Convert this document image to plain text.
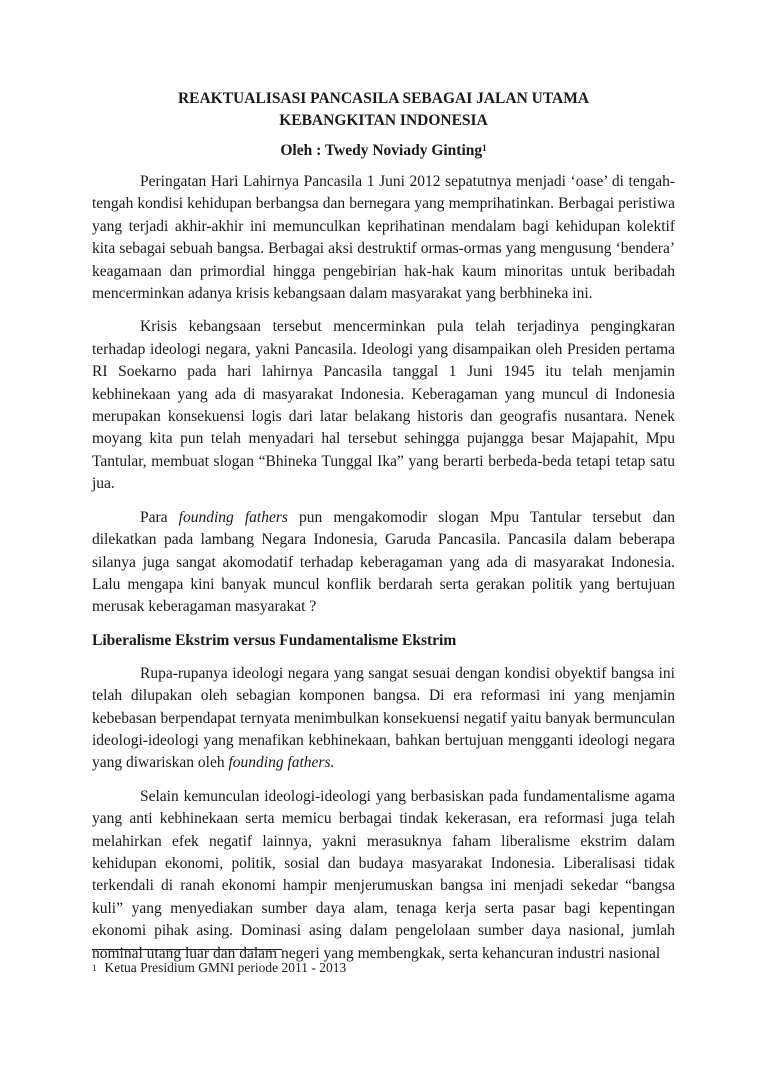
REAKTUALISASI PANCASILA SEBAGAI JALAN UTAMA
KEBANGKITAN INDONESIA
Oleh : Twedy Noviady Ginting$^1$

Peringatan Hari Lahirnya Pancasila 1 Juni 2012 sepatutnya menjadi ‘oase’ di tengah-tengah kondisi kehidupan berbangsa dan bernegara yang memprihatinkan. Berbagai peristiwa yang terjadi akhir-akhir ini memunculkan keprihatinan mendalam bagi kehidupan kolektif kita sebagai sebuah bangsa. Berbagai aksi destruktif ormas-ormas yang mengusung ‘bendera’ keagamaan dan primordial hingga pengebirian hak-hak kaum minoritas untuk beribadah mencerminkan adanya krisis kebangsaan dalam masyarakat yang berbhineka ini.

Krisis kebangsaan tersebut mencerminkan pula telah terjadinya pengingkaran terhadap ideologi negara, yakni Pancasila. Ideologi yang disampaikan oleh Presiden pertama RI Soekarno pada hari lahirnya Pancasila tanggal 1 Juni 1945 itu telah menjamin kebhinekaan yang ada di masyarakat Indonesia. Keberagaman yang muncul di Indonesia merupakan konsekuensi logis dari latar belakang historis dan geografis nusantara. Nenek moyang kita pun telah menyadari hal tersebut sehingga pujangga besar Majapahit, Mpu Tantular, membuat slogan “Bhineka Tunggal Ika” yang berarti berbeda-beda tetapi tetap satu jua.

Para founding fathers pun mengakomodir slogan Mpu Tantular tersebut dan dilekatkan pada lambang Negara Indonesia, Garuda Pancasila. Pancasila dalam beberapa silanya juga sangat akomodatif terhadap keberagaman yang ada di masyarakat Indonesia. Lalu mengapa kini banyak muncul konflik berdarah serta gerakan politik yang bertujuan merusak keberagaman masyarakat ?

Liberalisme Ekstrim versus Fundamentalisme Ekstrim

Rupa-rupanya ideologi negara yang sangat sesuai dengan kondisi obyektif bangsa ini telah dilupakan oleh sebagian komponen bangsa. Di era reformasi ini yang menjamin kebebasan berpendapat ternyata menimbulkan konsekuensi negatif yaitu banyak bermunculan ideologi-ideologi yang menafikan kebhinekaan, bahkan bertujuan mengganti ideologi negara yang diwariskan oleh founding fathers.

Selain kemunculan ideologi-ideologi yang berbasiskan pada fundamentalisme agama yang anti kebhinekaan serta memicu berbagai tindak kekerasan, era reformasi juga telah melahirkan efek negatif lainnya, yakni merasuknya faham liberalisme ekstrim dalam kehidupan ekonomi, politik, sosial dan budaya masyarakat Indonesia. Liberalisasi tidak terkendali di ranah ekonomi hampir menjerumuskan bangsa ini menjadi sekedar “bangsa kuli” yang menyediakan sumber daya alam, tenaga kerja serta pasar bagi kepentingan ekonomi pihak asing. Dominasi asing dalam pengelolaan sumber daya nasional, jumlah nominal utang luar dan dalam negeri yang membengkak, serta kehancuran industri nasional

$^1$ Ketua Presidium GMNI periode 2011 - 2013
